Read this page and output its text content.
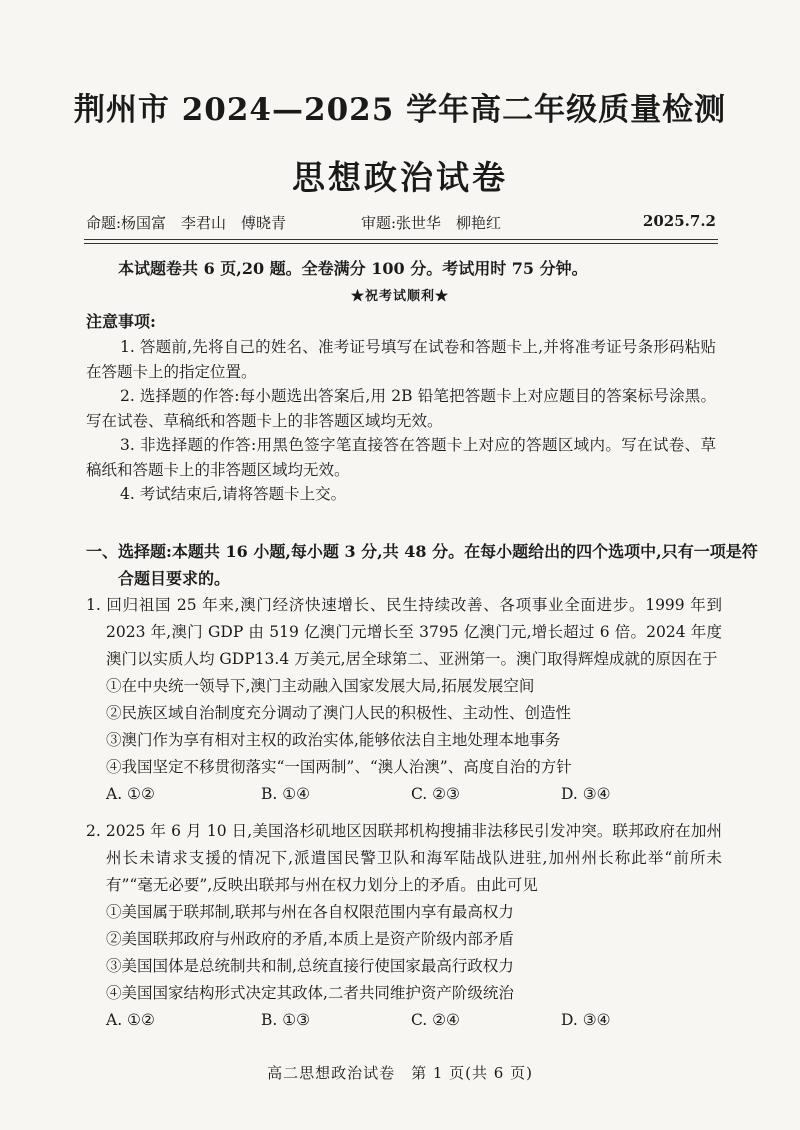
荆州市 2024—2025 学年高二年级质量检测
思想政治试卷
命题:杨国富　李君山　傅晓青	审题:张世华　柳艳红	2025.7.2
本试题卷共 6 页,20 题。全卷满分 100 分。考试用时 75 分钟。
★祝考试顺利★
注意事项:

1. 答题前,先将自己的姓名、准考证号填写在试卷和答题卡上,并将准考证号条形码粘贴在答题卡上的指定位置。

2. 选择题的作答:每小题选出答案后,用 2B 铅笔把答题卡上对应题目的答案标号涂黑。写在试卷、草稿纸和答题卡上的非答题区域均无效。

3. 非选择题的作答:用黑色签字笔直接答在答题卡上对应的答题区域内。写在试卷、草稿纸和答题卡上的非答题区域均无效。

4. 考试结束后,请将答题卡上交。

一、选择题:本题共 16 小题,每小题 3 分,共 48 分。在每小题给出的四个选项中,只有一项是符合题目要求的。
1. 回归祖国 25 年来,澳门经济快速增长、民生持续改善、各项事业全面进步。1999 年到 2023 年,澳门 GDP 由 519 亿澳门元增长至 3795 亿澳门元,增长超过 6 倍。2024 年度澳门以实质人均 GDP13.4 万美元,居全球第二、亚洲第一。澳门取得辉煌成就的原因在于
①在中央统一领导下,澳门主动融入国家发展大局,拓展发展空间
②民族区域自治制度充分调动了澳门人民的积极性、主动性、创造性
③澳门作为享有相对主权的政治实体,能够依法自主地处理本地事务
④我国坚定不移贯彻落实“一国两制”、“澳人治澳”、高度自治的方针
A. ①②	B. ①④	C. ②③	D. ③④
2. 2025 年 6 月 10 日,美国洛杉矶地区因联邦机构搜捕非法移民引发冲突。联邦政府在加州州长未请求支援的情况下,派遣国民警卫队和海军陆战队进驻,加州州长称此举“前所未有”“毫无必要”,反映出联邦与州在权力划分上的矛盾。由此可见
①美国属于联邦制,联邦与州在各自权限范围内享有最高权力
②美国联邦政府与州政府的矛盾,本质上是资产阶级内部矛盾
③美国国体是总统制共和制,总统直接行使国家最高行政权力
④美国国家结构形式决定其政体,二者共同维护资产阶级统治
A. ①②	B. ①③	C. ②④	D. ③④
高二思想政治试卷　第 1 页(共 6 页)
